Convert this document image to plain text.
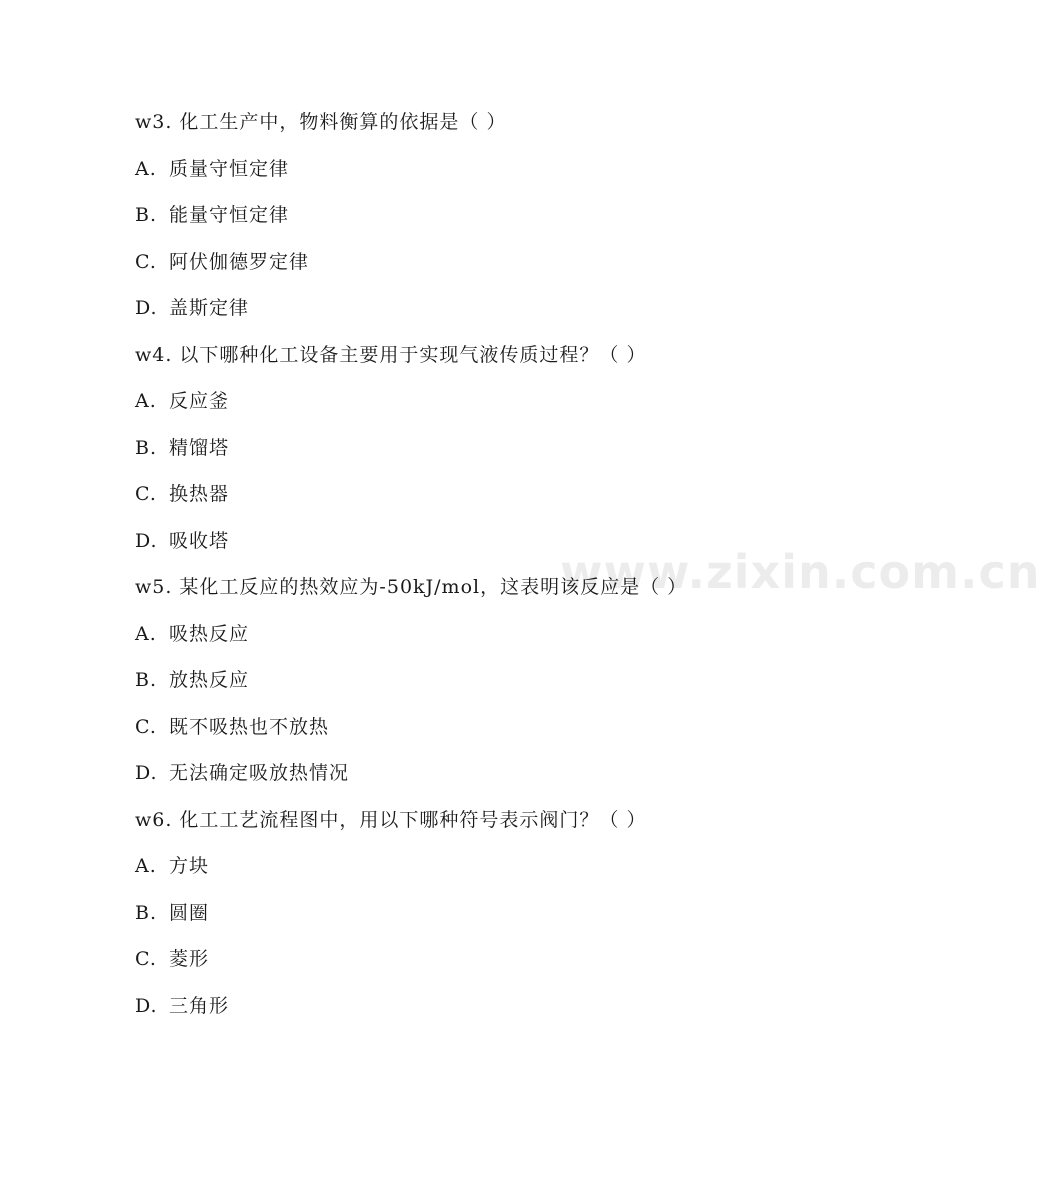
w3. 化工生产中，物料衡算的依据是（ ）
A. 质量守恒定律
B. 能量守恒定律
C. 阿伏伽德罗定律
D. 盖斯定律
w4. 以下哪种化工设备主要用于实现气液传质过程？（ ）
A. 反应釜
B. 精馏塔
C. 换热器
D. 吸收塔
w5. 某化工反应的热效应为-50kJ/mol，这表明该反应是（ ）
A. 吸热反应
B. 放热反应
C. 既不吸热也不放热
D. 无法确定吸放热情况
w6. 化工工艺流程图中，用以下哪种符号表示阀门？（ ）
A. 方块
B. 圆圈
C. 菱形
D. 三角形
www.zixin.com.cn
